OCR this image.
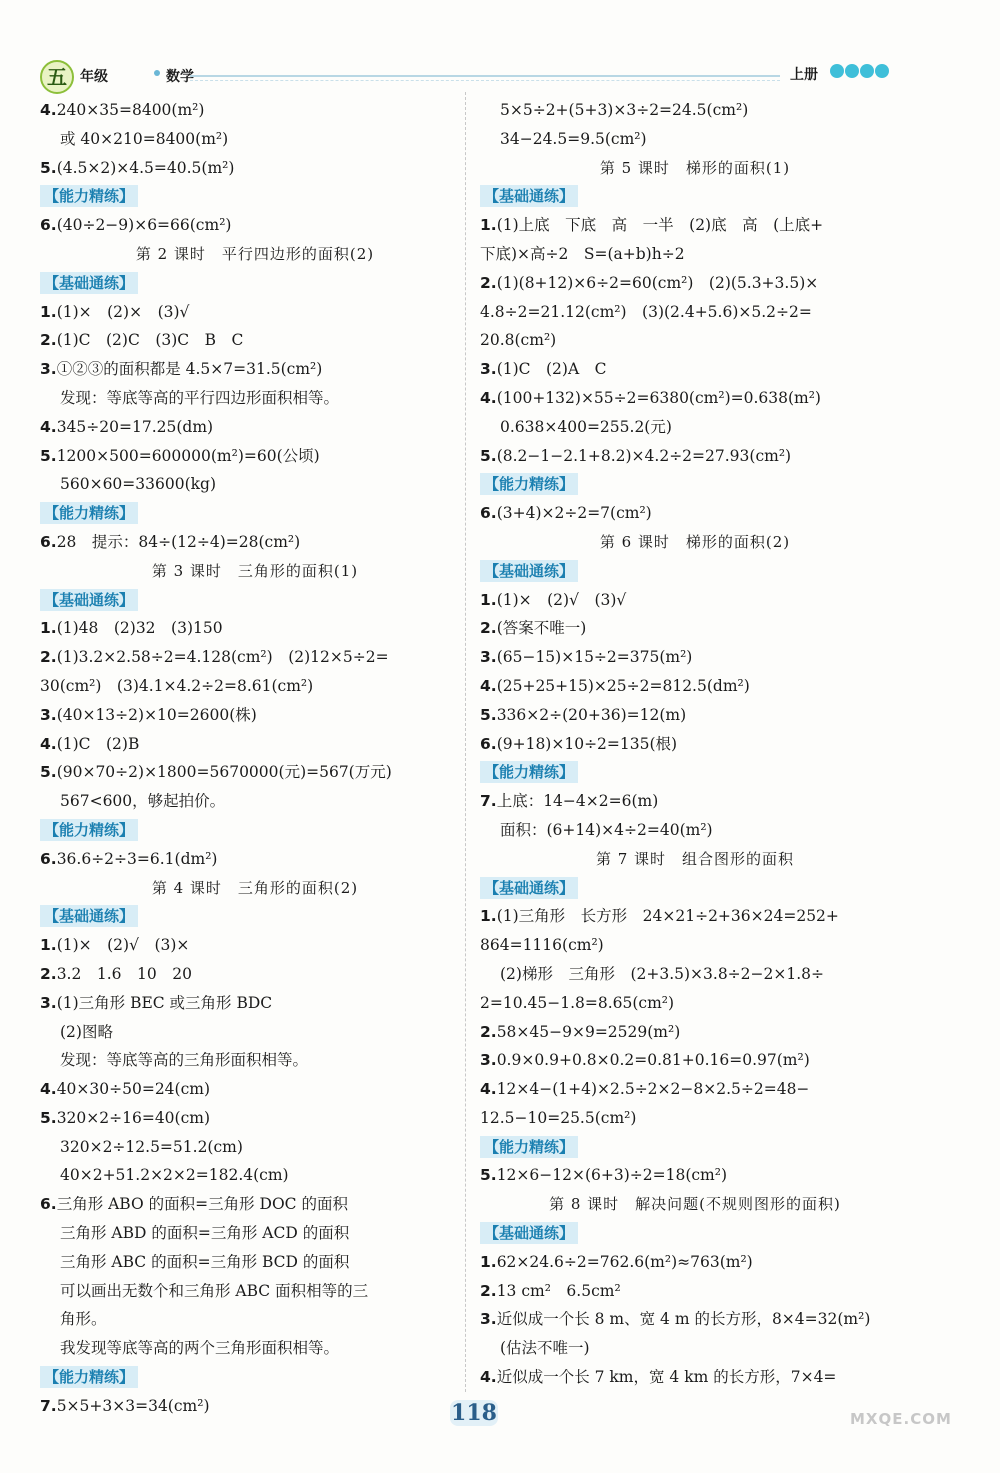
五 年级	数学	上册
4.240×35=8400(m²)
或 40×210=8400(m²)
5.(4.5×2)×4.5=40.5(m²)
【能力精练】
6.(40÷2−9)×6=66(cm²)
第 2 课时　平行四边形的面积(2)
【基础通练】
1.(1)×　(2)×　(3)√
2.(1)C　(2)C　(3)C　B　C
3.①②③的面积都是 4.5×7=31.5(cm²)
发现：等底等高的平行四边形面积相等。
4.345÷20=17.25(dm)
5.1200×500=600000(m²)=60(公顷)
560×60=33600(kg)
【能力精练】
6.28　提示：84÷(12÷4)=28(cm²)
第 3 课时　三角形的面积(1)
【基础通练】
1.(1)48　(2)32　(3)150
2.(1)3.2×2.58÷2=4.128(cm²)　(2)12×5÷2=
30(cm²)　(3)4.1×4.2÷2=8.61(cm²)
3.(40×13÷2)×10=2600(株)
4.(1)C　(2)B
5.(90×70÷2)×1800=5670000(元)=567(万元)
567<600，够起拍价。
【能力精练】
6.36.6÷2÷3=6.1(dm²)
第 4 课时　三角形的面积(2)
【基础通练】
1.(1)×　(2)√　(3)×
2.3.2　1.6　10　20
3.(1)三角形 BEC 或三角形 BDC
(2)图略
发现：等底等高的三角形面积相等。
4.40×30÷50=24(cm)
5.320×2÷16=40(cm)
320×2÷12.5=51.2(cm)
40×2+51.2×2×2=182.4(cm)
6.三角形 ABO 的面积=三角形 DOC 的面积
三角形 ABD 的面积=三角形 ACD 的面积
三角形 ABC 的面积=三角形 BCD 的面积
可以画出无数个和三角形 ABC 面积相等的三
角形。
我发现等底等高的两个三角形面积相等。
【能力精练】
7.5×5+3×3=34(cm²)
5×5÷2+(5+3)×3÷2=24.5(cm²)
34−24.5=9.5(cm²)
第 5 课时　梯形的面积(1)
【基础通练】
1.(1)上底　下底　高　一半　(2)底　高　(上底+
下底)×高÷2　S=(a+b)h÷2
2.(1)(8+12)×6÷2=60(cm²)　(2)(5.3+3.5)×
4.8÷2=21.12(cm²)　(3)(2.4+5.6)×5.2÷2=
20.8(cm²)
3.(1)C　(2)A　C
4.(100+132)×55÷2=6380(cm²)=0.638(m²)
0.638×400=255.2(元)
5.(8.2−1−2.1+8.2)×4.2÷2=27.93(cm²)
【能力精练】
6.(3+4)×2÷2=7(cm²)
第 6 课时　梯形的面积(2)
【基础通练】
1.(1)×　(2)√　(3)√
2.(答案不唯一)
3.(65−15)×15÷2=375(m²)
4.(25+25+15)×25÷2=812.5(dm²)
5.336×2÷(20+36)=12(m)
6.(9+18)×10÷2=135(根)
【能力精练】
7.上底：14−4×2=6(m)
面积：(6+14)×4÷2=40(m²)
第 7 课时　组合图形的面积
【基础通练】
1.(1)三角形　长方形　24×21÷2+36×24=252+
864=1116(cm²)
(2)梯形　三角形　(2+3.5)×3.8÷2−2×1.8÷
2=10.45−1.8=8.65(cm²)
2.58×45−9×9=2529(m²)
3.0.9×0.9+0.8×0.2=0.81+0.16=0.97(m²)
4.12×4−(1+4)×2.5÷2×2−8×2.5÷2=48−
12.5−10=25.5(cm²)
【能力精练】
5.12×6−12×(6+3)÷2=18(cm²)
第 8 课时　解决问题(不规则图形的面积)
【基础通练】
1.62×24.6÷2=762.6(m²)≈763(m²)
2.13 cm²　6.5cm²
3.近似成一个长 8 m、宽 4 m 的长方形，8×4=32(m²)
(估法不唯一)
4.近似成一个长 7 km，宽 4 km 的长方形，7×4=
118	MXQE.COM
